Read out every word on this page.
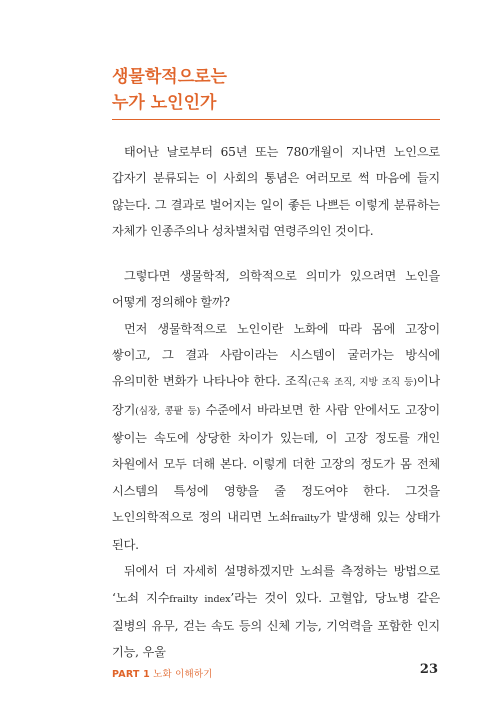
생물학적으로는
누가 노인인가

태어난 날로부터 65년 또는 780개월이 지나면 노인으로 갑자기 분류되는 이 사회의 통념은 여러모로 썩 마음에 들지 않는다. 그 결과로 벌어지는 일이 좋든 나쁘든 이렇게 분류하는 자체가 인종주의나 성차별처럼 연령주의인 것이다.

그렇다면 생물학적, 의학적으로 의미가 있으려면 노인을 어떻게 정의해야 할까?

먼저 생물학적으로 노인이란 노화에 따라 몸에 고장이 쌓이고, 그 결과 사람이라는 시스템이 굴러가는 방식에 유의미한 변화가 나타나야 한다. 조직(근육 조직, 지방 조직 등)이나 장기(심장, 콩팥 등) 수준에서 바라보면 한 사람 안에서도 고장이 쌓이는 속도에 상당한 차이가 있는데, 이 고장 정도를 개인 차원에서 모두 더해 본다. 이렇게 더한 고장의 정도가 몸 전체 시스템의 특성에 영향을 줄 정도여야 한다. 그것을 노인의학적으로 정의 내리면 노쇠frailty가 발생해 있는 상태가 된다.

뒤에서 더 자세히 설명하겠지만 노쇠를 측정하는 방법으로 ‘노쇠 지수frailty index’라는 것이 있다. 고혈압, 당뇨병 같은 질병의 유무, 걷는 속도 등의 신체 기능, 기억력을 포함한 인지 기능, 우울

PART 1 노화 이해하기	23
